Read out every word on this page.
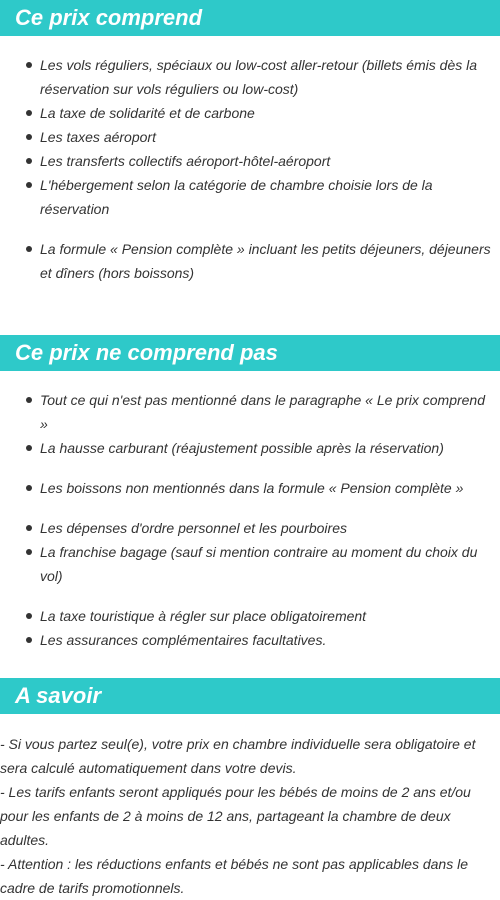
Ce prix comprend
Les vols réguliers, spéciaux ou low-cost aller-retour (billets émis dès la réservation sur vols réguliers ou low-cost)
La taxe de solidarité et de carbone
Les taxes aéroport
Les transferts collectifs aéroport-hôtel-aéroport
L'hébergement selon la catégorie de chambre choisie lors de la réservation
La formule « Pension complète » incluant les petits déjeuners, déjeuners et dîners (hors boissons)
Ce prix ne comprend pas
Tout ce qui n'est pas mentionné dans le paragraphe « Le prix comprend »
La hausse carburant (réajustement possible après la réservation)
Les boissons non mentionnés dans la formule « Pension complète »
Les dépenses d'ordre personnel et les pourboires
La franchise bagage (sauf si mention contraire au moment du choix du vol)
La taxe touristique à régler sur place obligatoirement
Les assurances complémentaires facultatives.
A savoir
- Si vous partez seul(e), votre prix en chambre individuelle sera obligatoire et sera calculé automatiquement dans votre devis.
- Les tarifs enfants seront appliqués pour les bébés de moins de 2 ans et/ou pour les enfants de 2 à moins de 12 ans, partageant la chambre de deux adultes.
- Attention : les réductions enfants et bébés ne sont pas applicables dans le cadre de tarifs promotionnels.
